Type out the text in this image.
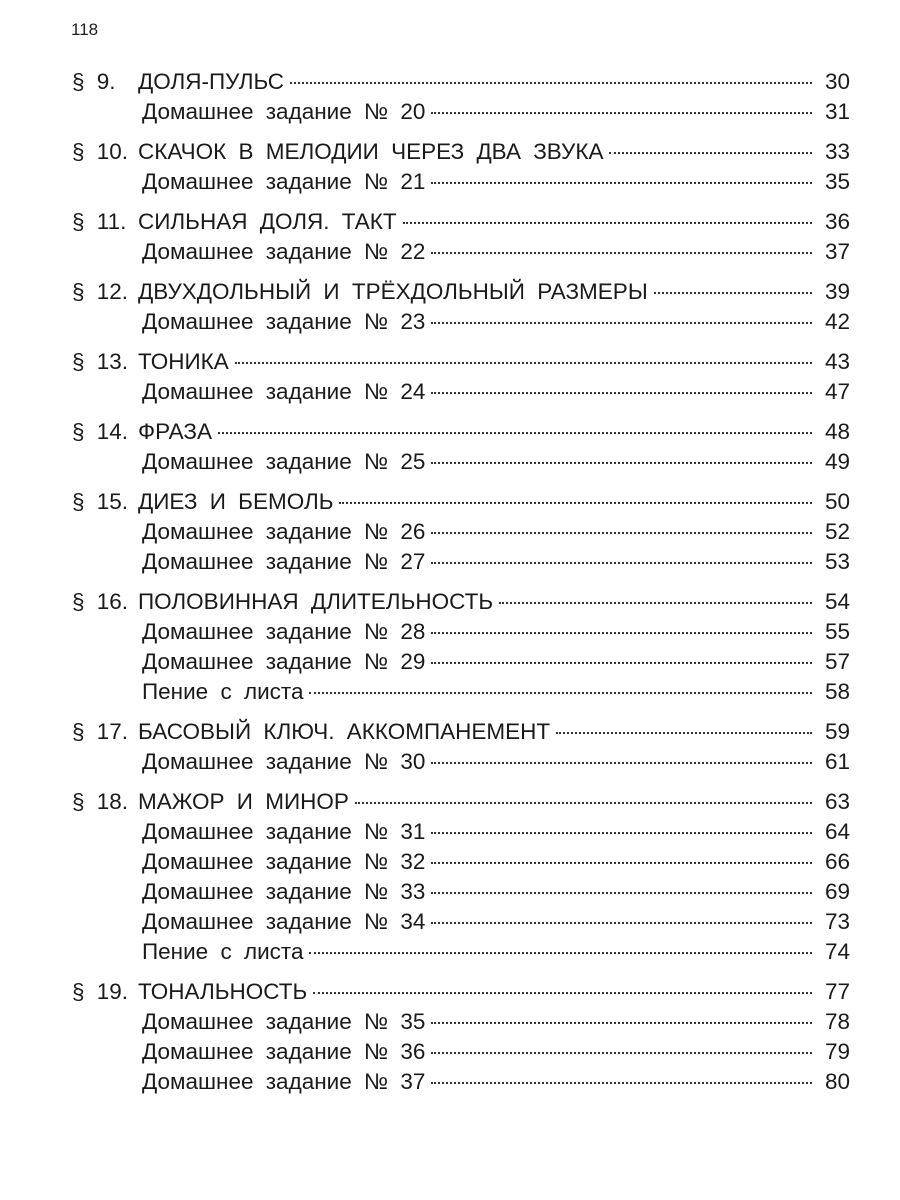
118
§ 9. ДОЛЯ-ПУЛЬС	30
Домашнее задание № 20	31
§ 10. СКАЧОК В МЕЛОДИИ ЧЕРЕЗ ДВА ЗВУКА	33
Домашнее задание № 21	35
§ 11. СИЛЬНАЯ ДОЛЯ. ТАКТ	36
Домашнее задание № 22	37
§ 12. ДВУХДОЛЬНЫЙ И ТРЁХДОЛЬНЫЙ РАЗМЕРЫ	39
Домашнее задание № 23	42
§ 13. ТОНИКА	43
Домашнее задание № 24	47
§ 14. ФРАЗА	48
Домашнее задание № 25	49
§ 15. ДИЕЗ И БЕМОЛЬ	50
Домашнее задание № 26	52
Домашнее задание № 27	53
§ 16. ПОЛОВИННАЯ ДЛИТЕЛЬНОСТЬ	54
Домашнее задание № 28	55
Домашнее задание № 29	57
Пение с листа	58
§ 17. БАСОВЫЙ КЛЮЧ. АККОМПАНЕМЕНТ	59
Домашнее задание № 30	61
§ 18. МАЖОР И МИНОР	63
Домашнее задание № 31	64
Домашнее задание № 32	66
Домашнее задание № 33	69
Домашнее задание № 34	73
Пение с листа	74
§ 19. ТОНАЛЬНОСТЬ	77
Домашнее задание № 35	78
Домашнее задание № 36	79
Домашнее задание № 37	80
